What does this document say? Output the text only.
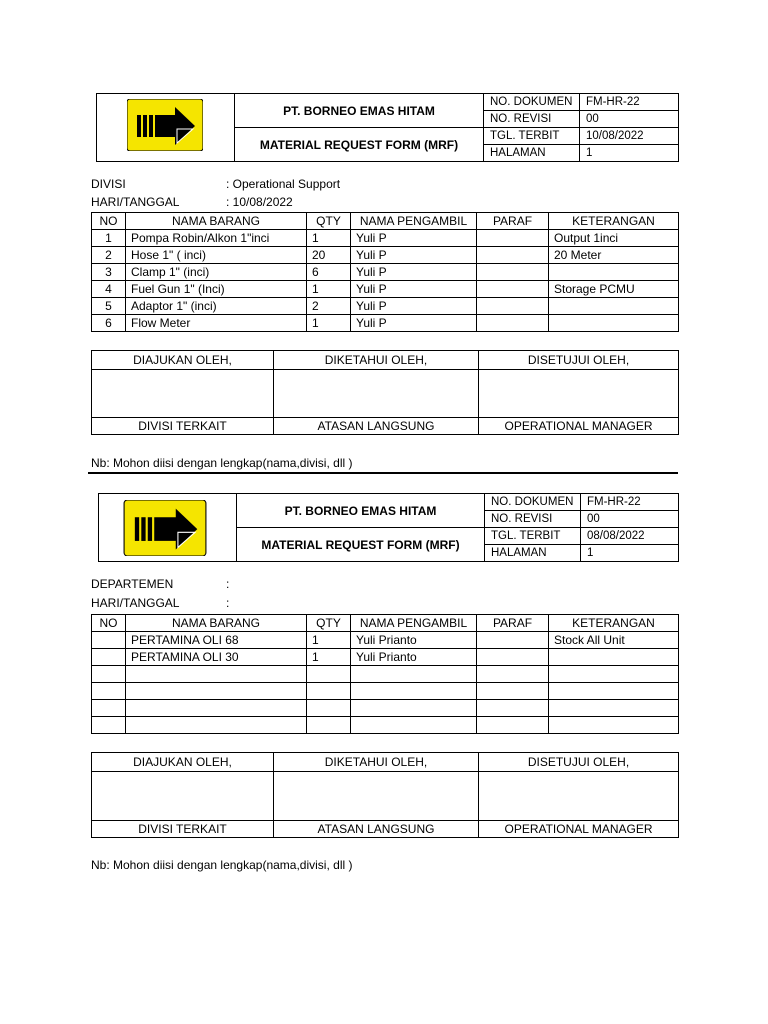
	PT. BORNEO EMAS HITAM	NO. DOKUMEN	FM-HR-22
		NO. REVISI	00
	MATERIAL REQUEST FORM (MRF)	TGL. TERBIT	10/08/2022
		HALAMAN	1
DIVISI	: Operational Support
HARI/TANGGAL	: 10/08/2022
NO	NAMA BARANG	QTY	NAMA PENGAMBIL	PARAF	KETERANGAN
1	Pompa Robin/Alkon 1"inci	1	Yuli P		Output 1inci
2	Hose 1" ( inci)	20	Yuli P		20 Meter
3	Clamp 1" (inci)	6	Yuli P		
4	Fuel Gun 1" (Inci)	1	Yuli P		Storage PCMU
5	Adaptor 1" (inci)	2	Yuli P		
6	Flow Meter	1	Yuli P		
DIAJUKAN OLEH,	DIKETAHUI OLEH,	DISETUJUI OLEH,

DIVISI TERKAIT	ATASAN LANGSUNG	OPERATIONAL MANAGER
Nb: Mohon diisi dengan lengkap(nama,divisi, dll )
	PT. BORNEO EMAS HITAM	NO. DOKUMEN	FM-HR-22
		NO. REVISI	00
	MATERIAL REQUEST FORM (MRF)	TGL. TERBIT	08/08/2022
		HALAMAN	1
DEPARTEMEN	:
HARI/TANGGAL	:
NO	NAMA BARANG	QTY	NAMA PENGAMBIL	PARAF	KETERANGAN
	PERTAMINA OLI 68	1	Yuli Prianto		Stock All Unit
	PERTAMINA OLI 30	1	Yuli Prianto		

DIAJUKAN OLEH,	DIKETAHUI OLEH,	DISETUJUI OLEH,

DIVISI TERKAIT	ATASAN LANGSUNG	OPERATIONAL MANAGER
Nb: Mohon diisi dengan lengkap(nama,divisi, dll )
